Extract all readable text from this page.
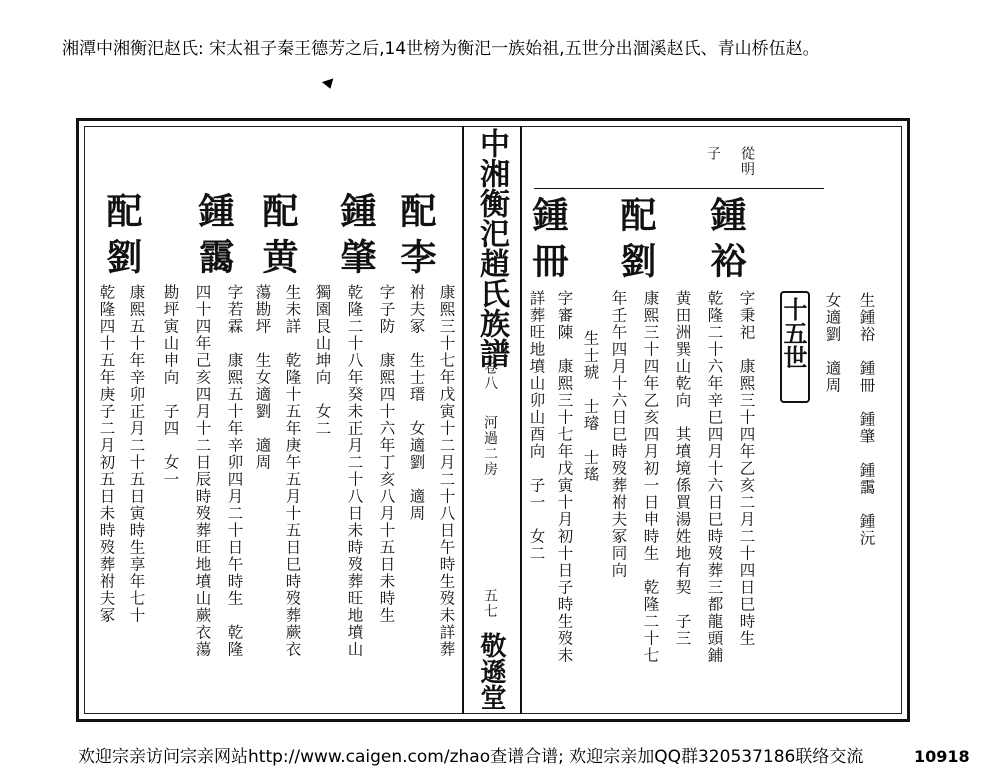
湘潭中湘衡汜赵氏: 宋太祖子秦王德芳之后,14世榜为衡汜一族始祖,五世分出涸溪赵氏、青山桥伍赵。
中湘衡汜趙氏族譜
卷八
河過二房
五七
敬遜堂
從明
子
十五世	生鍾裕　鍾冊　鍾肇　鍾靄　鍾沅
女適劉　適周
鍾裕
字秉祀　康熙三十四年乙亥二月二十四日巳時生
乾隆二十六年辛巳四月十六日巳時歿葬三都龍頭鋪
黄田洲巽山乾向　其墳境係買湯姓地有契　子三
配劉
康熙三十四年乙亥四月初一日申時生　乾隆二十七
年壬午四月十六日巳時歿葬祔夫冢同向
鍾冊
生士琥　士璿　士瑤
字審陳　康熙三十七年戊寅十月初十日子時生歿未
詳葬旺地墳山卯山酉向　子一　女二
配李
康熙三十七年戊寅十二月二十八日午時生歿未詳葬
祔夫冢　生士瑨　女適劉　適周
鍾肇
字子防　康熙四十六年丁亥八月十五日未時生
乾隆二十八年癸未正月二十八日未時歿葬旺地墳山
獨園艮山坤向　女二
配黄
生未詳　乾隆十五年庚午五月十五日巳時歿葬蕨衣
蕩勘坪　生女適劉　適周
鍾靄
字若霖　康熙五十年辛卯四月二十日午時生　乾隆
四十四年己亥四月十二日辰時歿葬旺地墳山蕨衣蕩
勘坪寅山申向　子四　女一
配劉
康熙五十年辛卯正月二十五日寅時生享年七十
乾隆四十五年庚子二月初五日未時歿葬祔夫冢
欢迎宗亲访问宗亲网站http://www.caigen.com/zhao查谱合谱; 欢迎宗亲加QQ群320537186联络交流	10918
